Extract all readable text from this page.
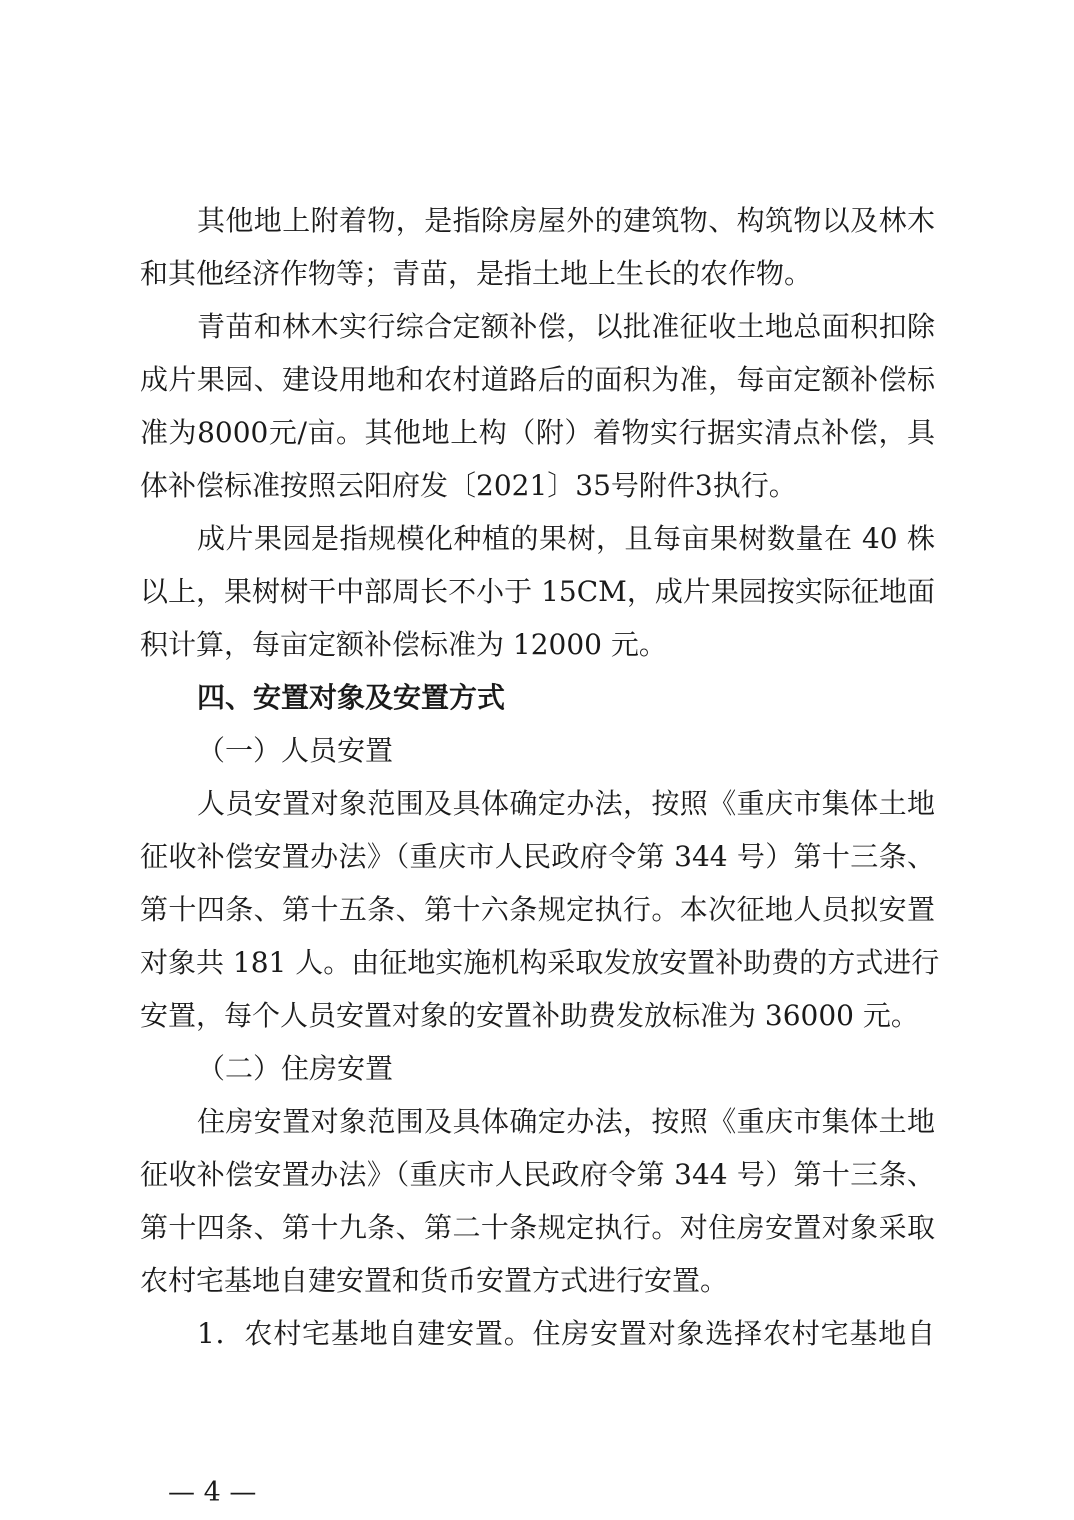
其他地上附着物，是指除房屋外的建筑物、构筑物以及林木
和其他经济作物等；青苗，是指土地上生长的农作物。
青苗和林木实行综合定额补偿，以批准征收土地总面积扣除
成片果园、建设用地和农村道路后的面积为准，每亩定额补偿标
准为8000元/亩。其他地上构（附）着物实行据实清点补偿，具
体补偿标准按照云阳府发〔2021〕35号附件3执行。
成片果园是指规模化种植的果树，且每亩果树数量在 40 株
以上，果树树干中部周长不小于 15CM，成片果园按实际征地面
积计算，每亩定额补偿标准为 12000 元。
四、安置对象及安置方式
（一）人员安置
人员安置对象范围及具体确定办法，按照《重庆市集体土地
征收补偿安置办法》（重庆市人民政府令第 344 号）第十三条、
第十四条、第十五条、第十六条规定执行。本次征地人员拟安置
对象共 181 人。由征地实施机构采取发放安置补助费的方式进行
安置，每个人员安置对象的安置补助费发放标准为 36000 元。
（二）住房安置
住房安置对象范围及具体确定办法，按照《重庆市集体土地
征收补偿安置办法》（重庆市人民政府令第 344 号）第十三条、
第十四条、第十九条、第二十条规定执行。对住房安置对象采取
农村宅基地自建安置和货币安置方式进行安置。
1．农村宅基地自建安置。住房安置对象选择农村宅基地自
— 4 —
